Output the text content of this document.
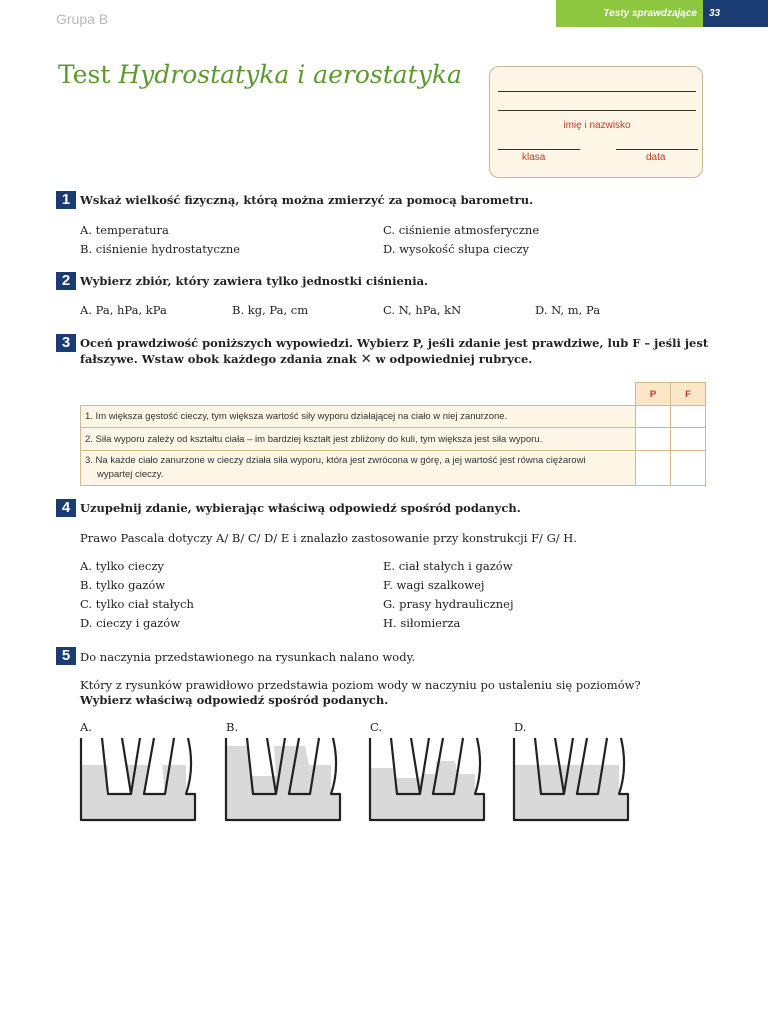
Grupa B	Testy sprawdzające	33
Test Hydrostatyka i aerostatyka
imię i nazwisko
klasa	data
1 Wskaż wielkość fizyczną, którą można zmierzyć za pomocą barometru.
A. temperatura
B. ciśnienie hydrostatyczne
C. ciśnienie atmosferyczne
D. wysokość słupa cieczy
2 Wybierz zbiór, który zawiera tylko jednostki ciśnienia.
A. Pa, hPa, kPa	B. kg, Pa, cm	C. N, hPa, kN	D. N, m, Pa
3 Oceń prawdziwość poniższych wypowiedzi. Wybierz P, jeśli zdanie jest prawdziwe, lub F – jeśli jest
fałszywe. Wstaw obok każdego zdania znak ✕ w odpowiedniej rubryce.
	P	F
1. Im większa gęstość cieczy, tym większa wartość siły wyporu działającej na ciało w niej zanurzone.		
2. Siła wyporu zależy od kształtu ciała – im bardziej kształt jest zbliżony do kuli, tym większa jest siła wyporu.		

3. Na każde ciało zanurzone w cieczy działa siła wyporu, która jest zwrócona w górę, a jej wartość jest równa ciężarowi
wypartej cieczy.		

4 Uzupełnij zdanie, wybierając właściwą odpowiedź spośród podanych.
Prawo Pascala dotyczy A/ B/ C/ D/ E i znalazło zastosowanie przy konstrukcji F/ G/ H.
A. tylko cieczy
B. tylko gazów
C. tylko ciał stałych
D. cieczy i gazów
E. ciał stałych i gazów
F. wagi szalkowej
G. prasy hydraulicznej
H. siłomierza
5 Do naczynia przedstawionego na rysunkach nalano wody.
Który z rysunków prawidłowo przedstawia poziom wody w naczyniu po ustaleniu się poziomów?
Wybierz właściwą odpowiedź spośród podanych.
A.	B.	C.	D.
